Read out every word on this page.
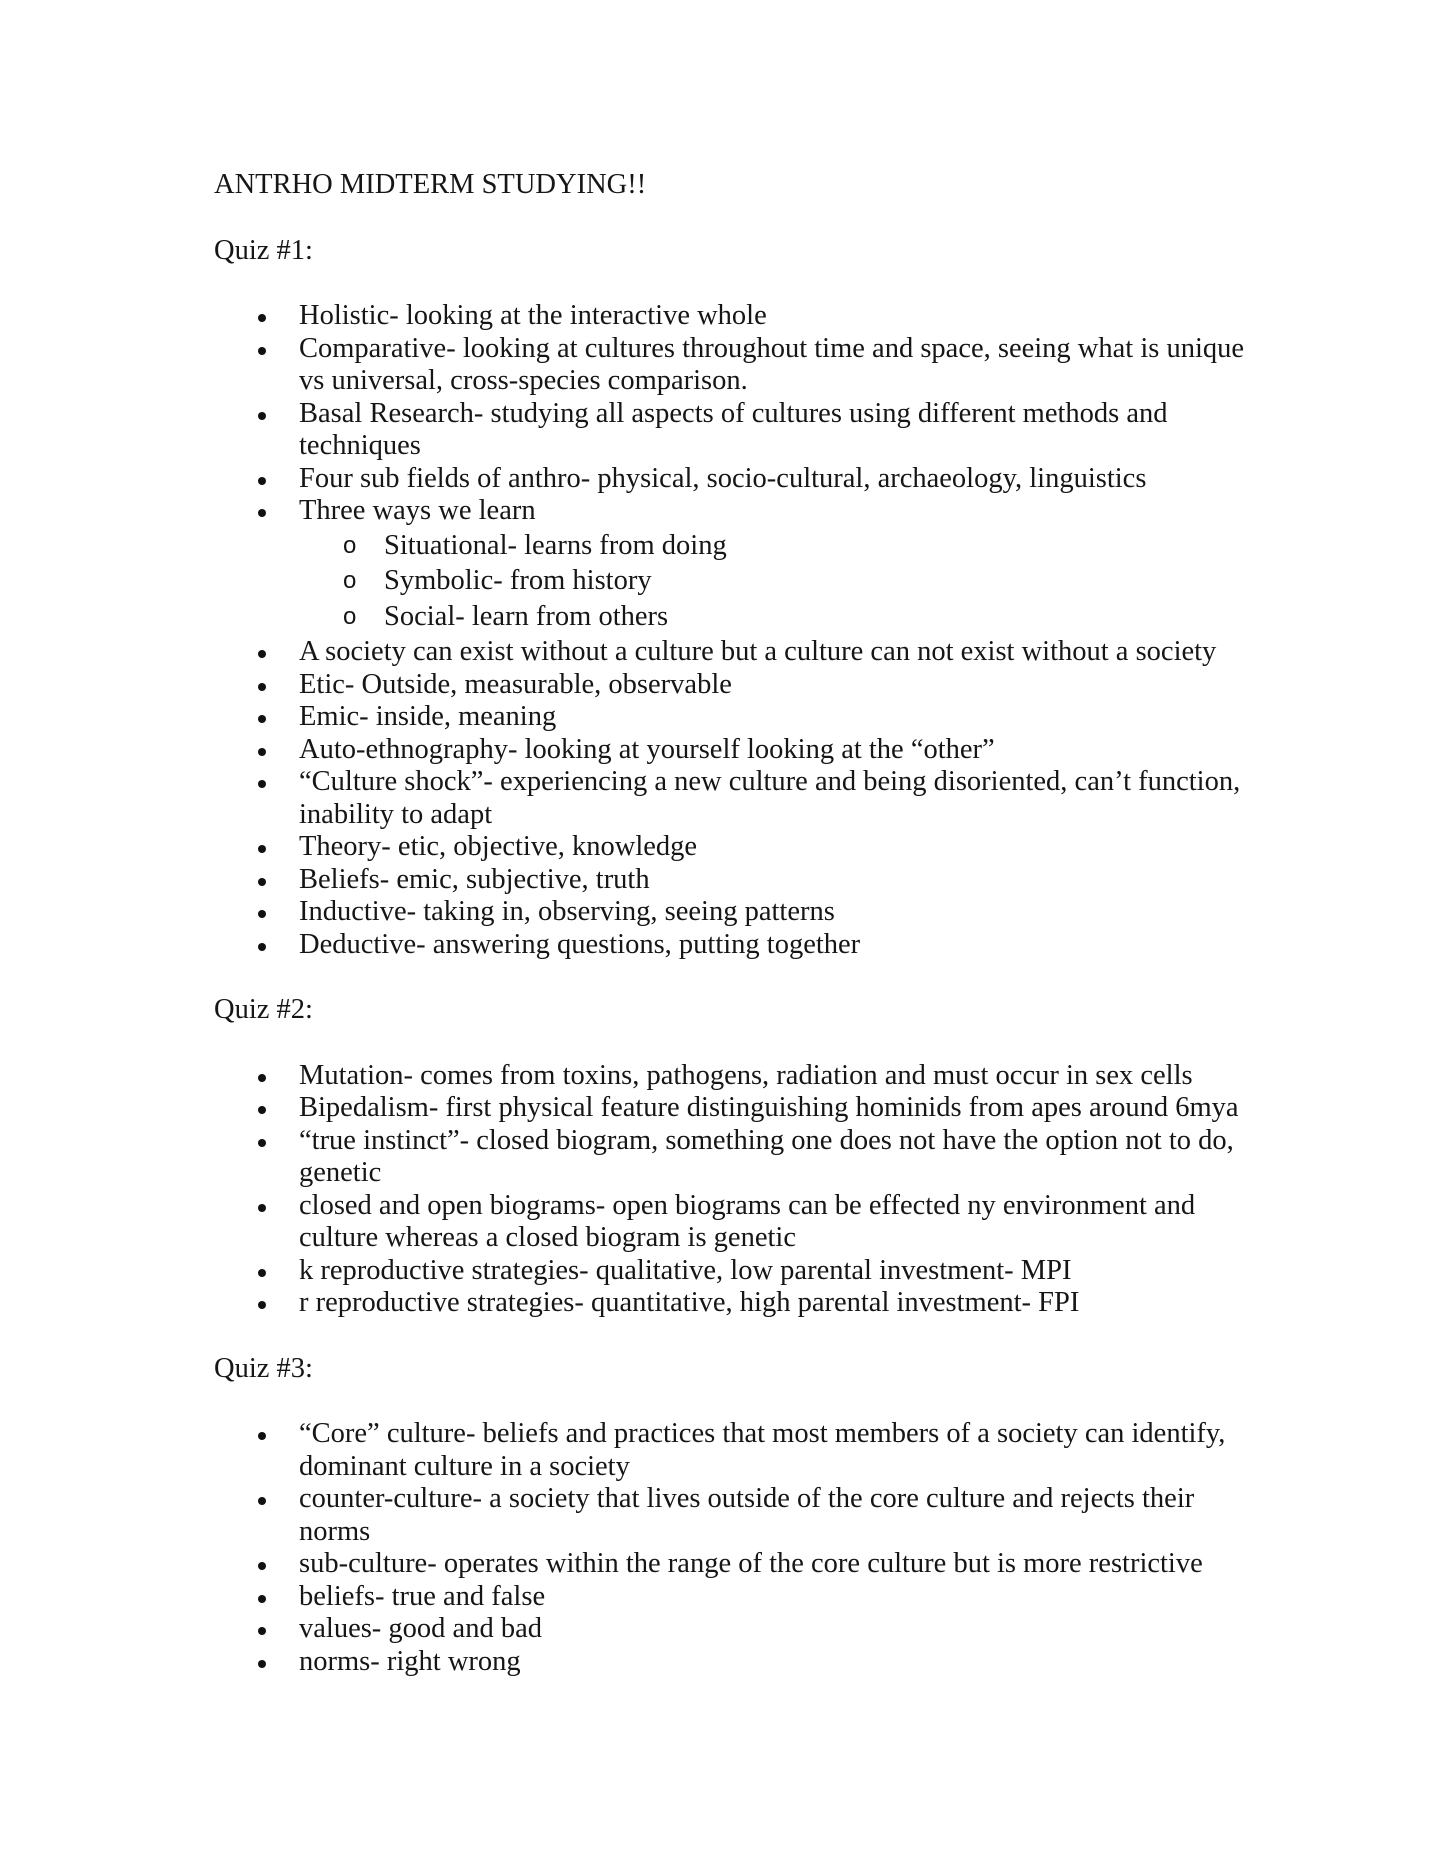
ANTRHO MIDTERM STUDYING!!
Quiz #1:
Holistic- looking at the interactive whole
Comparative- looking at cultures throughout time and space, seeing what is unique vs universal, cross-species comparison.
Basal Research- studying all aspects of cultures using different methods and techniques
Four sub fields of anthro- physical, socio-cultural, archaeology, linguistics
Three ways we learn
o Situational- learns from doing
o Symbolic- from history
o Social- learn from others
A society can exist without a culture but a culture can not exist without a society
Etic- Outside, measurable, observable
Emic- inside, meaning
Auto-ethnography- looking at yourself looking at the “other”
“Culture shock”- experiencing a new culture and being disoriented, can’t function, inability to adapt
Theory- etic, objective, knowledge
Beliefs- emic, subjective, truth
Inductive- taking in, observing, seeing patterns
Deductive- answering questions, putting together
Quiz #2:
Mutation- comes from toxins, pathogens, radiation and must occur in sex cells
Bipedalism- first physical feature distinguishing hominids from apes around 6mya
“true instinct”- closed biogram, something one does not have the option not to do, genetic
closed and open biograms- open biograms can be effected ny environment and culture whereas a closed biogram is genetic
k reproductive strategies- qualitative, low parental investment- MPI
r reproductive strategies- quantitative, high parental investment- FPI
Quiz #3:
“Core” culture- beliefs and practices that most members of a society can identify, dominant culture in a society
counter-culture- a society that lives outside of the core culture and rejects their norms
sub-culture- operates within the range of the core culture but is more restrictive
beliefs- true and false
values- good and bad
norms- right wrong
